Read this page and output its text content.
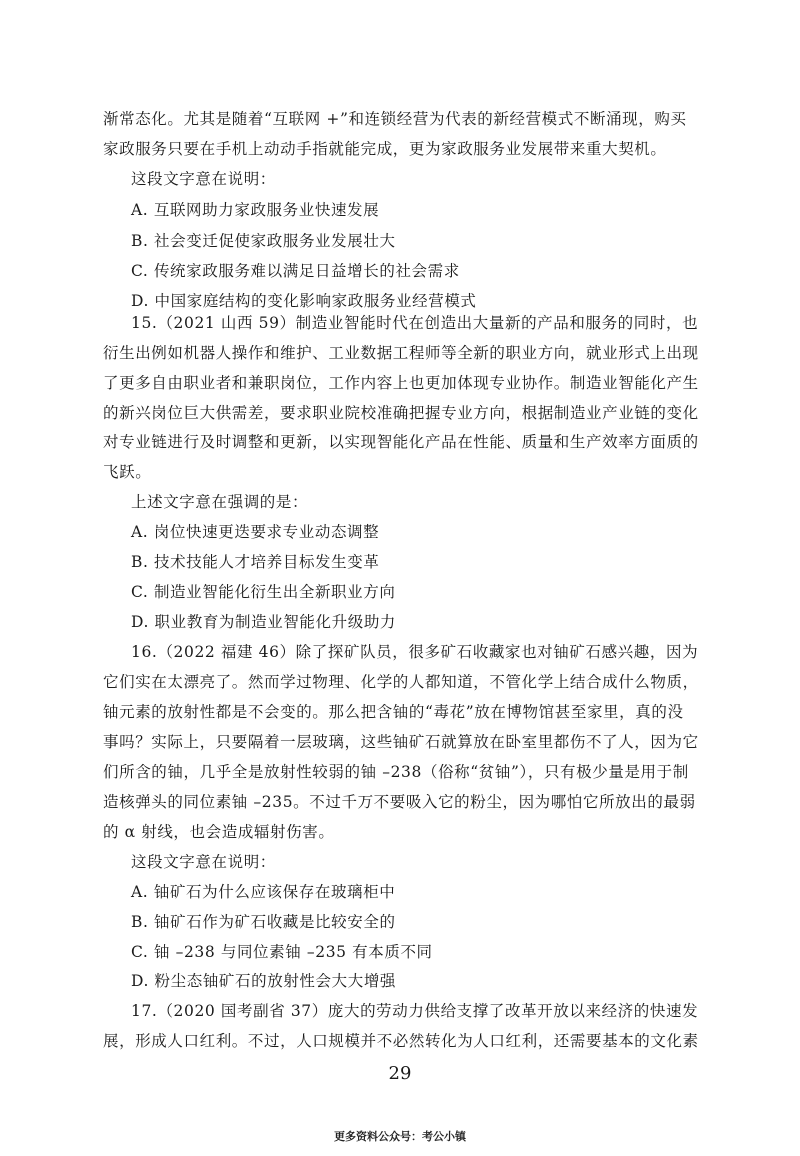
渐常态化。尤其是随着“互联网 +”和连锁经营为代表的新经营模式不断涌现，购买
家政服务只要在手机上动动手指就能完成，更为家政服务业发展带来重大契机。
这段文字意在说明：
A. 互联网助力家政服务业快速发展
B. 社会变迁促使家政服务业发展壮大
C. 传统家政服务难以满足日益增长的社会需求
D. 中国家庭结构的变化影响家政服务业经营模式
15.（2021 山西 59）制造业智能时代在创造出大量新的产品和服务的同时，也
衍生出例如机器人操作和维护、工业数据工程师等全新的职业方向，就业形式上出现
了更多自由职业者和兼职岗位，工作内容上也更加体现专业协作。制造业智能化产生
的新兴岗位巨大供需差，要求职业院校准确把握专业方向，根据制造业产业链的变化
对专业链进行及时调整和更新，以实现智能化产品在性能、质量和生产效率方面质的
飞跃。
上述文字意在强调的是：
A. 岗位快速更迭要求专业动态调整
B. 技术技能人才培养目标发生变革
C. 制造业智能化衍生出全新职业方向
D. 职业教育为制造业智能化升级助力
16.（2022 福建 46）除了探矿队员，很多矿石收藏家也对铀矿石感兴趣，因为
它们实在太漂亮了。然而学过物理、化学的人都知道，不管化学上结合成什么物质，
铀元素的放射性都是不会变的。那么把含铀的“毒花”放在博物馆甚至家里，真的没
事吗？实际上，只要隔着一层玻璃，这些铀矿石就算放在卧室里都伤不了人，因为它
们所含的铀，几乎全是放射性较弱的铀 –238（俗称“贫铀”），只有极少量是用于制
造核弹头的同位素铀 –235。不过千万不要吸入它的粉尘，因为哪怕它所放出的最弱
的 α 射线，也会造成辐射伤害。
这段文字意在说明：
A. 铀矿石为什么应该保存在玻璃柜中
B. 铀矿石作为矿石收藏是比较安全的
C. 铀 –238 与同位素铀 –235 有本质不同
D. 粉尘态铀矿石的放射性会大大增强
17.（2020 国考副省 37）庞大的劳动力供给支撑了改革开放以来经济的快速发
展，形成人口红利。不过，人口规模并不必然转化为人口红利，还需要基本的文化素
29
更多资料公众号：考公小镇
